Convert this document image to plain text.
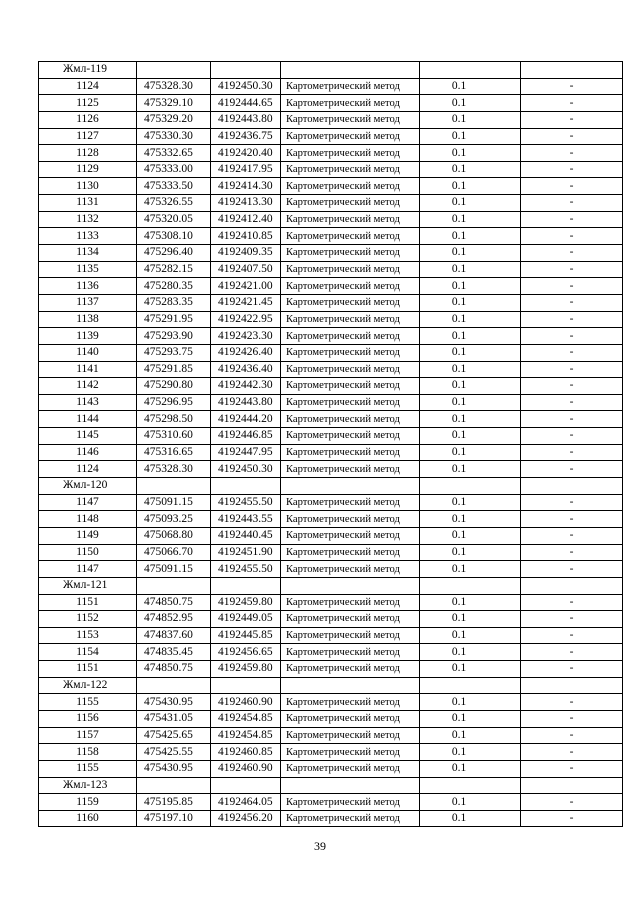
Жмл-119					
1124	475328.30	4192450.30	Картометрический метод	0.1	-
1125	475329.10	4192444.65	Картометрический метод	0.1	-
1126	475329.20	4192443.80	Картометрический метод	0.1	-
1127	475330.30	4192436.75	Картометрический метод	0.1	-
1128	475332.65	4192420.40	Картометрический метод	0.1	-
1129	475333.00	4192417.95	Картометрический метод	0.1	-
1130	475333.50	4192414.30	Картометрический метод	0.1	-
1131	475326.55	4192413.30	Картометрический метод	0.1	-
1132	475320.05	4192412.40	Картометрический метод	0.1	-
1133	475308.10	4192410.85	Картометрический метод	0.1	-
1134	475296.40	4192409.35	Картометрический метод	0.1	-
1135	475282.15	4192407.50	Картометрический метод	0.1	-
1136	475280.35	4192421.00	Картометрический метод	0.1	-
1137	475283.35	4192421.45	Картометрический метод	0.1	-
1138	475291.95	4192422.95	Картометрический метод	0.1	-
1139	475293.90	4192423.30	Картометрический метод	0.1	-
1140	475293.75	4192426.40	Картометрический метод	0.1	-
1141	475291.85	4192436.40	Картометрический метод	0.1	-
1142	475290.80	4192442.30	Картометрический метод	0.1	-
1143	475296.95	4192443.80	Картометрический метод	0.1	-
1144	475298.50	4192444.20	Картометрический метод	0.1	-
1145	475310.60	4192446.85	Картометрический метод	0.1	-
1146	475316.65	4192447.95	Картометрический метод	0.1	-
1124	475328.30	4192450.30	Картометрический метод	0.1	-
Жмл-120					
1147	475091.15	4192455.50	Картометрический метод	0.1	-
1148	475093.25	4192443.55	Картометрический метод	0.1	-
1149	475068.80	4192440.45	Картометрический метод	0.1	-
1150	475066.70	4192451.90	Картометрический метод	0.1	-
1147	475091.15	4192455.50	Картометрический метод	0.1	-
Жмл-121					
1151	474850.75	4192459.80	Картометрический метод	0.1	-
1152	474852.95	4192449.05	Картометрический метод	0.1	-
1153	474837.60	4192445.85	Картометрический метод	0.1	-
1154	474835.45	4192456.65	Картометрический метод	0.1	-
1151	474850.75	4192459.80	Картометрический метод	0.1	-
Жмл-122					
1155	475430.95	4192460.90	Картометрический метод	0.1	-
1156	475431.05	4192454.85	Картометрический метод	0.1	-
1157	475425.65	4192454.85	Картометрический метод	0.1	-
1158	475425.55	4192460.85	Картометрический метод	0.1	-
1155	475430.95	4192460.90	Картометрический метод	0.1	-
Жмл-123					
1159	475195.85	4192464.05	Картометрический метод	0.1	-
1160	475197.10	4192456.20	Картометрический метод	0.1	-
39
